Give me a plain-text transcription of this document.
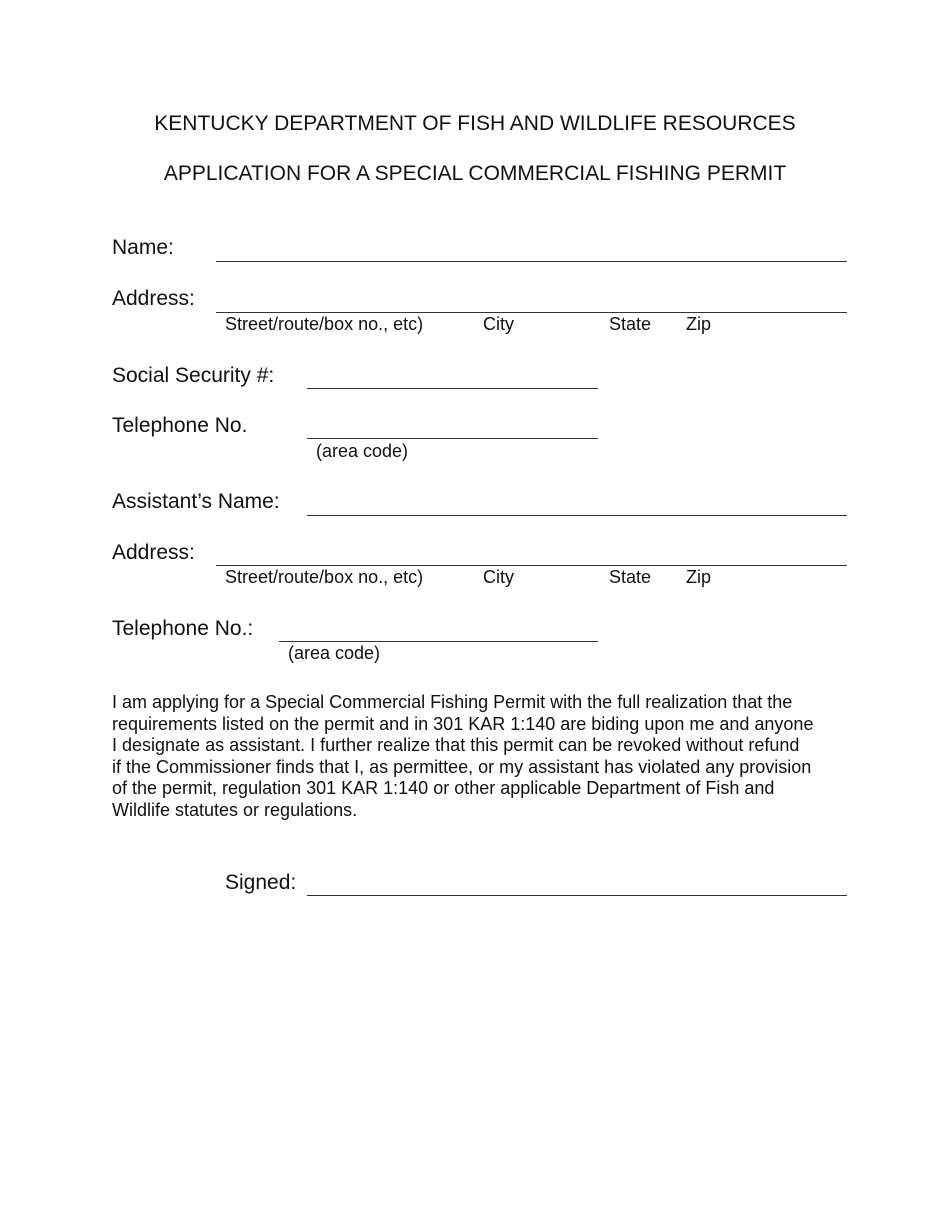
KENTUCKY DEPARTMENT OF FISH AND WILDLIFE RESOURCES
APPLICATION FOR A SPECIAL COMMERCIAL FISHING PERMIT
Name:
Address:
Street/route/box no., etc)	City	State Zip
Social Security #:
Telephone No.
(area code)
Assistant’s Name:
Address:
Street/route/box no., etc)	City	State Zip
Telephone No.:
(area code)
I am applying for a Special Commercial Fishing Permit with the full realization that the
requirements listed on the permit and in 301 KAR 1:140 are biding upon me and anyone
I designate as assistant. I further realize that this permit can be revoked without refund
if the Commissioner finds that I, as permittee, or my assistant has violated any provision
of the permit, regulation 301 KAR 1:140 or other applicable Department of Fish and
Wildlife statutes or regulations.
Signed:
